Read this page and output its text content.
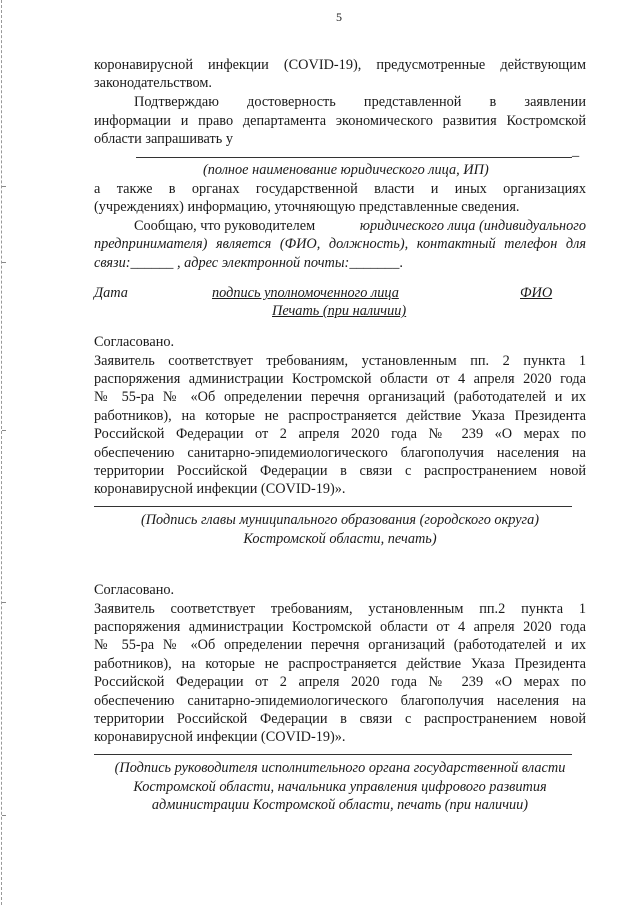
5
коронавирусной инфекции (COVID-19), предусмотренные действующим
законодательством.
Подтверждаю достоверность представленной в заявлении
информации и право департамента экономического развития Костромской
области запрашивать у
_
(полное наименование юридического лица, ИП)
а также в органах государственной власти и иных организациях
(учреждениях) информацию, уточняющую представленные сведения.
Сообщаю, что руководителем	юридического лица (индивидуального
предпринимателя) является (ФИО, должность), контактный телефон для
связи:______ , адрес электронной почты:_______.
Дата	подпись уполномоченного лица	ФИО
Печать (при наличии)
Согласовано.
Заявитель соответствует требованиям, установленным пп. 2 пункта 1
распоряжения администрации Костромской области от 4 апреля 2020 года
№ 55-ра № «Об определении перечня организаций (работодателей и их
работников), на которые не распространяется действие Указа Президента
Российской Федерации от 2 апреля 2020 года № 239 «О мерах по
обеспечению санитарно-эпидемиологического благополучия населения на
территории Российской Федерации в связи с распространением новой
коронавирусной инфекции (COVID-19)».
(Подпись главы муниципального образования (городского округа)
Костромской области, печать)
Согласовано.
Заявитель соответствует требованиям, установленным пп.2 пункта 1
распоряжения администрации Костромской области от 4 апреля 2020 года
№ 55-ра № «Об определении перечня организаций (работодателей и их
работников), на которые не распространяется действие Указа Президента
Российской Федерации от 2 апреля 2020 года № 239 «О мерах по
обеспечению санитарно-эпидемиологического благополучия населения на
территории Российской Федерации в связи с распространением новой
коронавирусной инфекции (COVID-19)».
(Подпись руководителя исполнительного органа государственной власти
Костромской области, начальника управления цифрового развития
администрации Костромской области, печать (при наличии)
